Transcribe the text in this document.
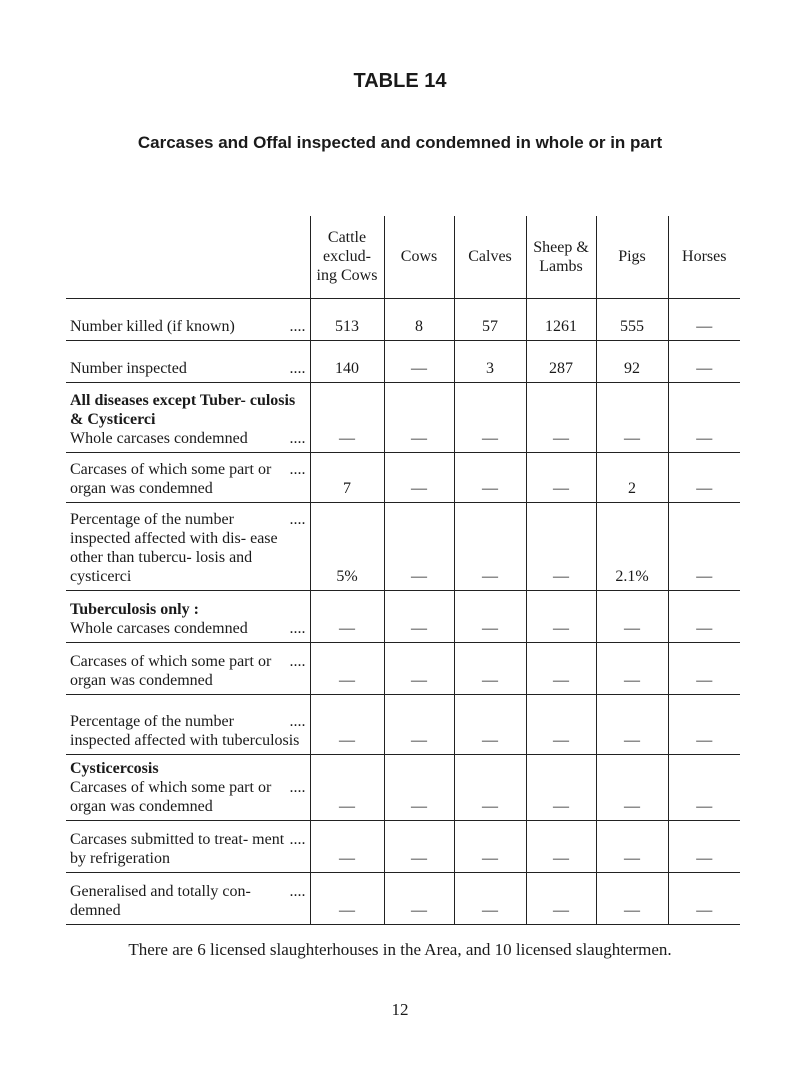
TABLE 14
Carcases and Offal inspected and condemned in whole or in part
	Cattle exclud- ing Cows	Cows	Calves	Sheep & Lambs	Pigs	Horses

....
Number killed (if known)	513	8	57	1261	555	—

....
Number inspected	140	—	3	287	92	—
All diseases except Tuber- culosis & Cysticerci

....
Whole carcases condemned	—	—	—	—	—	—

....
Carcases of which some part or organ was condemned	7	—	—	—	2	—

....
Percentage of the number inspected affected with dis- ease other than tubercu- losis and cysticerci	5%	—	—	—	2.1%	—
Tuberculosis only :

....
Whole carcases condemned	—	—	—	—	—	—

....
Carcases of which some part or organ was condemned	—	—	—	—	—	—

....
Percentage of the number inspected affected with tuberculosis	—	—	—	—	—	—
Cysticercosis

....
Carcases of which some part or organ was condemned	—	—	—	—	—	—

....
Carcases submitted to treat- ment by refrigeration	—	—	—	—	—	—

....
Generalised and totally con- demned	—	—	—	—	—	—
There are 6 licensed slaughterhouses in the Area, and 10 licensed slaughtermen.
12
